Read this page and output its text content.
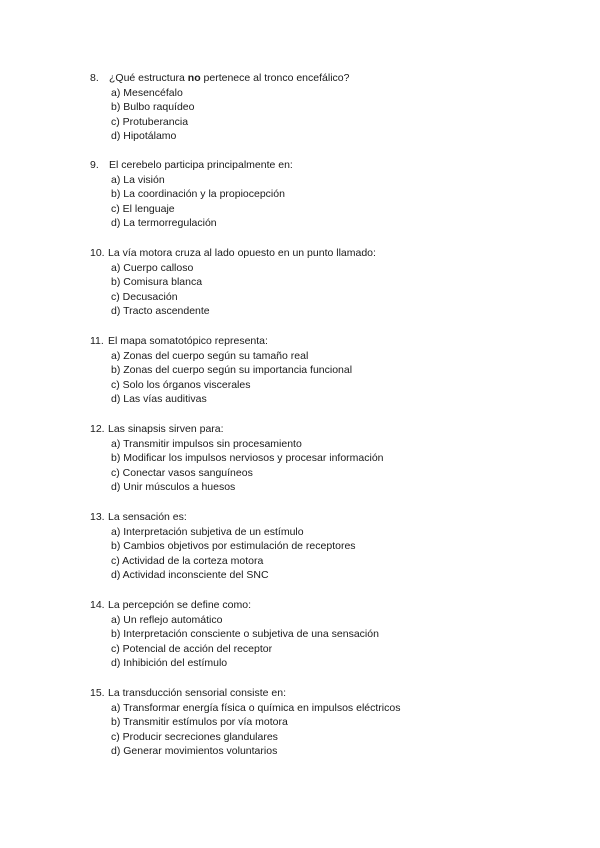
8. ¿Qué estructura no pertenece al tronco encefálico?
a) Mesencéfalo
b) Bulbo raquídeo
c) Protuberancia
d) Hipotálamo
9. El cerebelo participa principalmente en:
a) La visión
b) La coordinación y la propiocepción
c) El lenguaje
d) La termorregulación
10. La vía motora cruza al lado opuesto en un punto llamado:
a) Cuerpo calloso
b) Comisura blanca
c) Decusación
d) Tracto ascendente
11. El mapa somatotópico representa:
a) Zonas del cuerpo según su tamaño real
b) Zonas del cuerpo según su importancia funcional
c) Solo los órganos viscerales
d) Las vías auditivas
12. Las sinapsis sirven para:
a) Transmitir impulsos sin procesamiento
b) Modificar los impulsos nerviosos y procesar información
c) Conectar vasos sanguíneos
d) Unir músculos a huesos
13. La sensación es:
a) Interpretación subjetiva de un estímulo
b) Cambios objetivos por estimulación de receptores
c) Actividad de la corteza motora
d) Actividad inconsciente del SNC
14. La percepción se define como:
a) Un reflejo automático
b) Interpretación consciente o subjetiva de una sensación
c) Potencial de acción del receptor
d) Inhibición del estímulo
15. La transducción sensorial consiste en:
a) Transformar energía física o química en impulsos eléctricos
b) Transmitir estímulos por vía motora
c) Producir secreciones glandulares
d) Generar movimientos voluntarios
